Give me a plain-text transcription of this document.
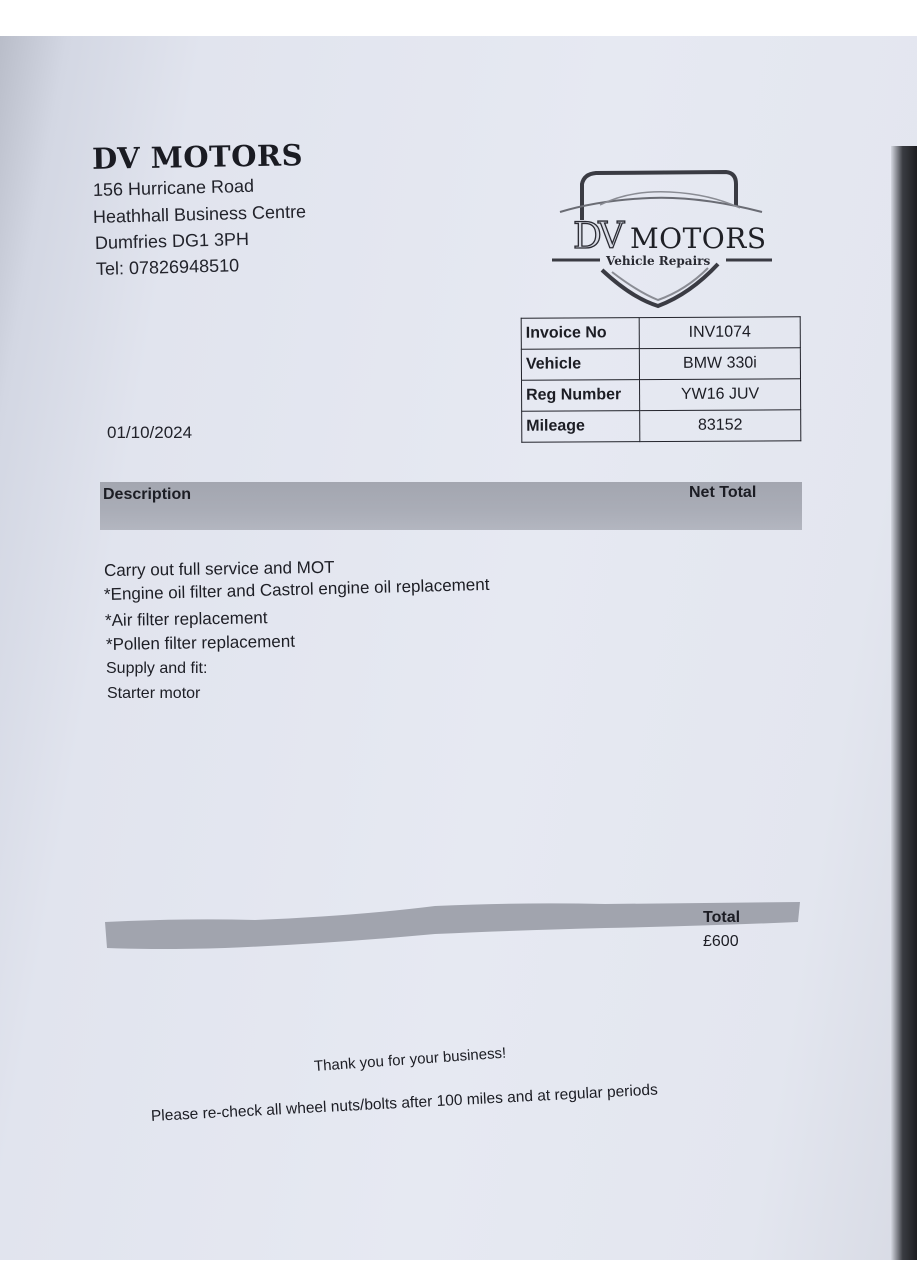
DV MOTORS
156 Hurricane Road
Heathhall Business Centre
Dumfries DG1 3PH
Tel: 07826948510
DV MOTORS
Vehicle Repairs
Invoice No	INV1074
Vehicle	BMW 330i
Reg Number	YW16 JUV
Mileage	83152
01/10/2024
Description	Net Total
Carry out full service and MOT
*Engine oil filter and Castrol engine oil replacement
*Air filter replacement
*Pollen filter replacement
Supply and fit:
Starter motor
Total
£600
Thank you for your business!
Please re-check all wheel nuts/bolts after 100 miles and at regular periods
